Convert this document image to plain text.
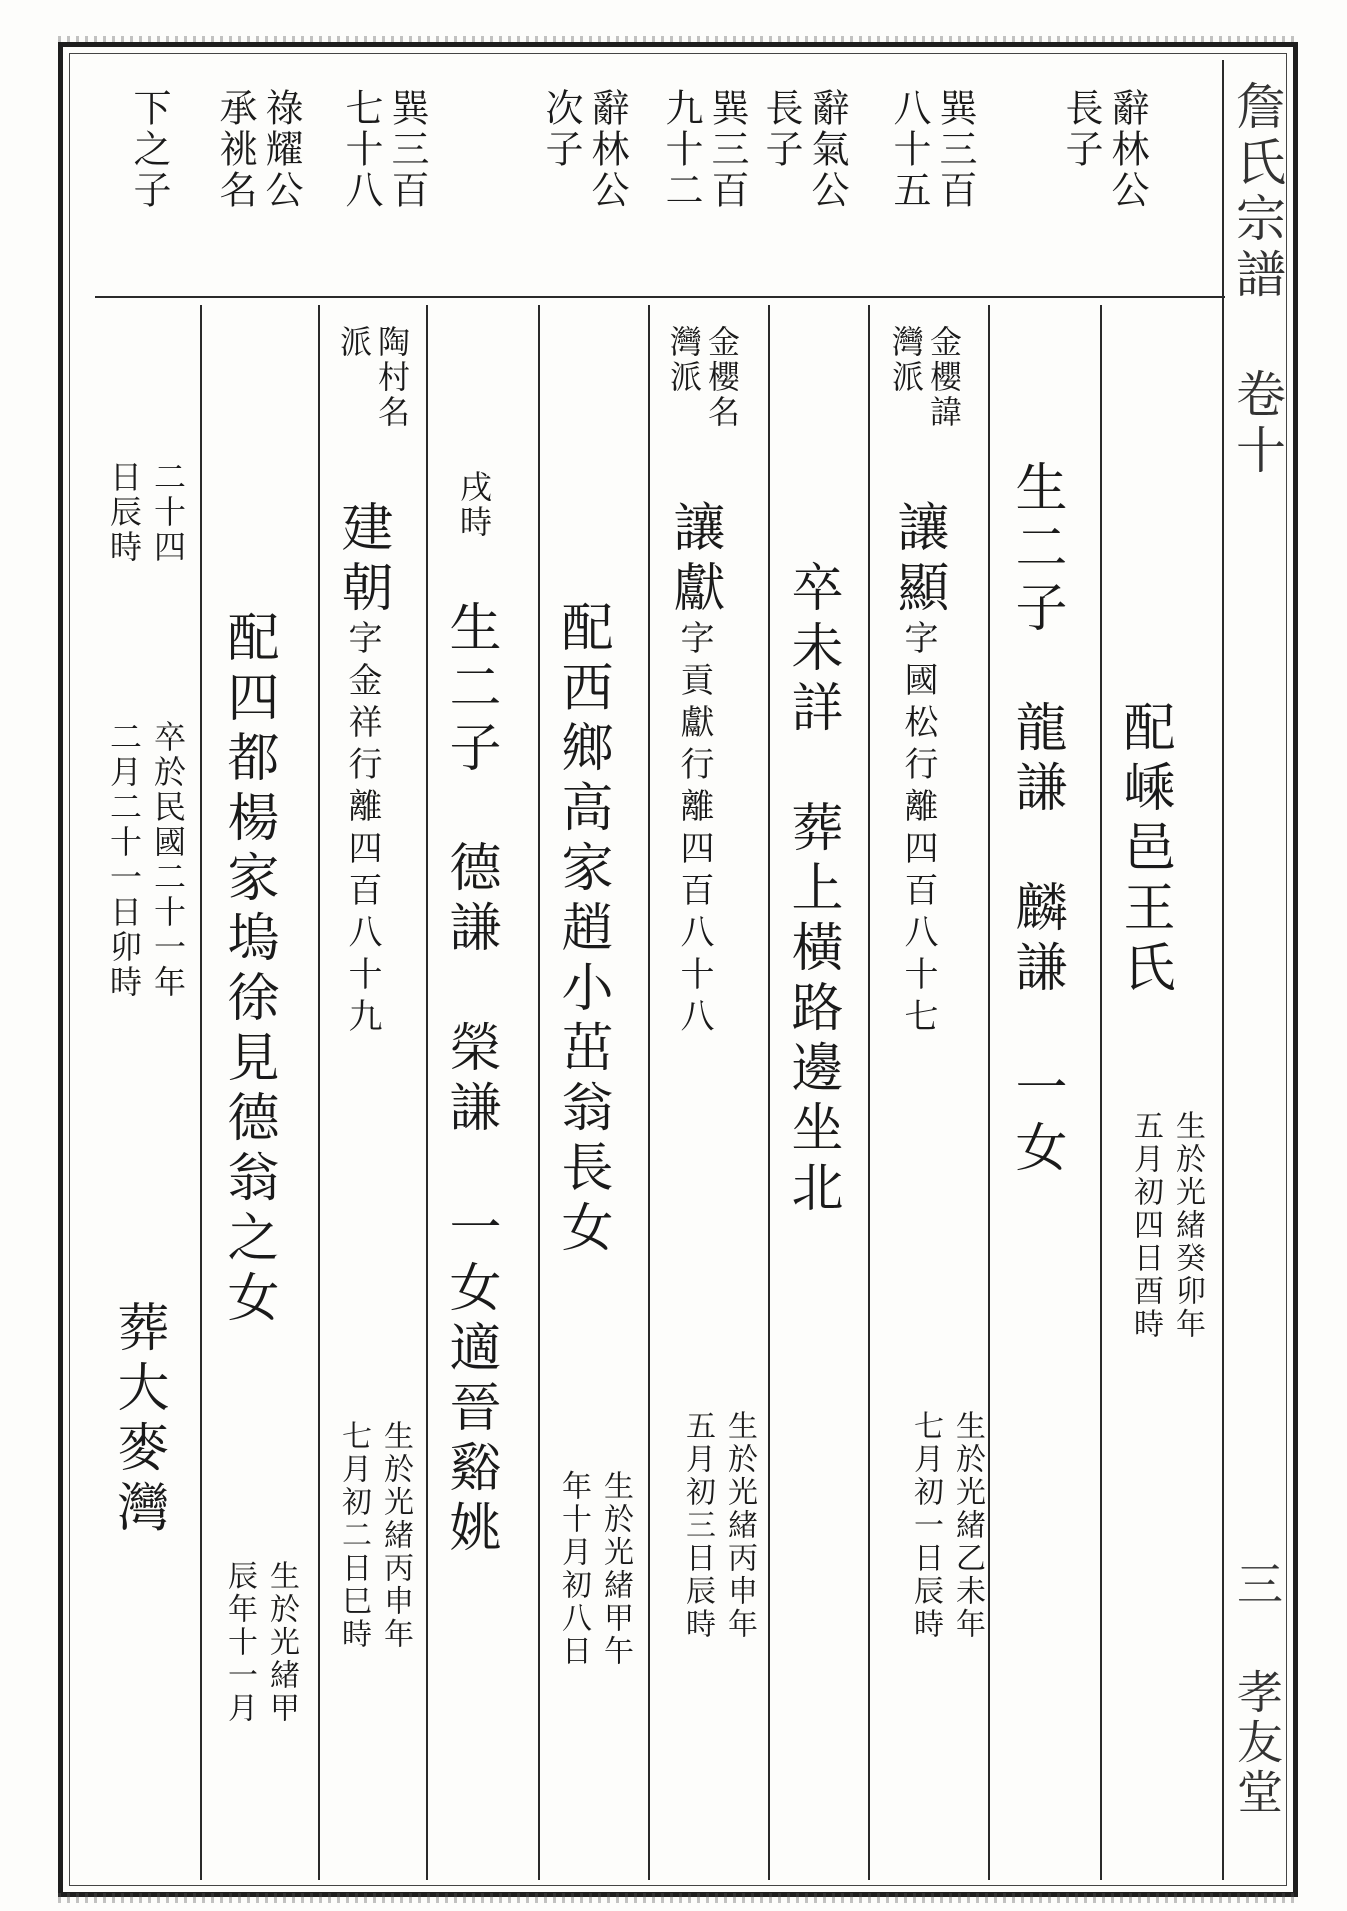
詹氏宗譜 卷十
三 孝友堂
辭林公
長子
巽三百
八十五
辭氣公
長子
巽三百
九十二
辭林公
次子
巽三百
七十八
祿耀公
承祧名
下之子
配嵊邑王氏
生於光緒癸卯年
五月初四日酉時
生二子　龍謙　麟謙　一女
金櫻諱
灣派
讓顯字國松行離四百八十七
生於光緒乙未年
七月初一日辰時
卒未詳　葬上橫路邊坐北
金櫻名
灣派
讓獻字貢獻行離四百八十八
生於光緒丙申年
五月初三日辰時
配西鄉高家趙小茁翁長女
生於光緒甲午
年十月初八日
戌時
生二子　德謙　榮謙　一女適晉谿姚
陶村名
派
建朝字金祥行離四百八十九
生於光緒丙申年
七月初二日巳時
配四都楊家塢徐見德翁之女
生於光緒甲
辰年十一月
二十四
日辰時
卒於民國二十一年
二月二十一日卯時
葬大麥灣
